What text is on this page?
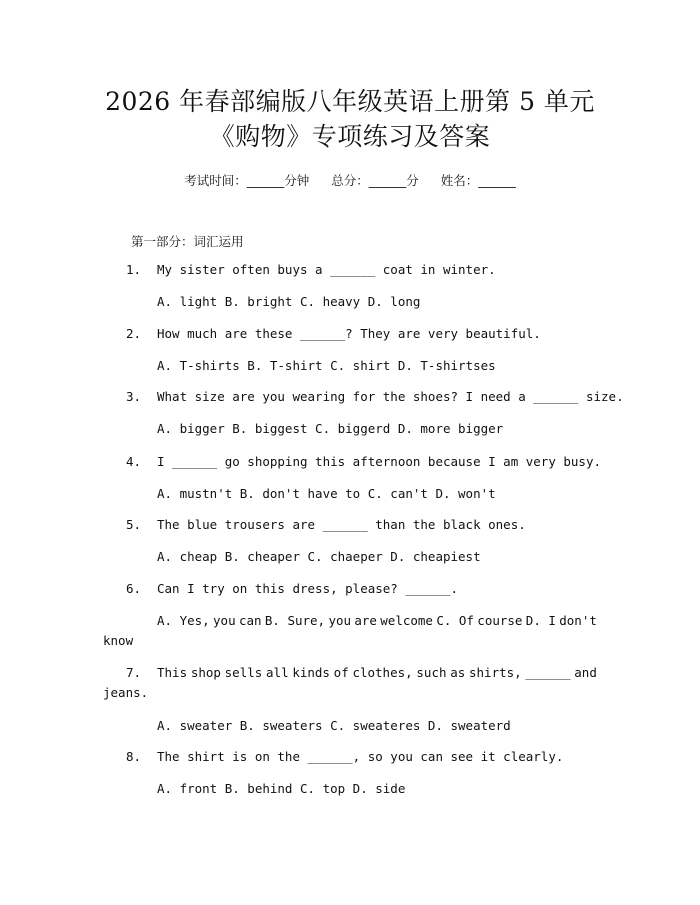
2026 年春部编版八年级英语上册第 5 单元
《购物》专项练习及答案
考试时间：______分钟 总分：______分 姓名：______
第一部分：词汇运用
1. My sister often buys a ______ coat in winter.
A. light B. bright C. heavy D. long
2. How much are these ______? They are very beautiful.
A. T-shirts B. T-shirt C. shirt D. T-shirtses
3. What size are you wearing for the shoes? I need a ______ size.
A. bigger B. biggest C. biggerd D. more bigger
4. I ______ go shopping this afternoon because I am very busy.
A. mustn't B. don't have to C. can't D. won't
5. The blue trousers are ______ than the black ones.
A. cheap B. cheaper C. chaeper D. cheapiest
6. Can I try on this dress, please? ______.
A. Yes, you can B. Sure, you are welcome C. Of course D. I don't
know
7. This shop sells all kinds of clothes, such as shirts, ______ and
jeans.
A. sweater B. sweaters C. sweateres D. sweaterd
8. The shirt is on the ______, so you can see it clearly.
A. front B. behind C. top D. side
